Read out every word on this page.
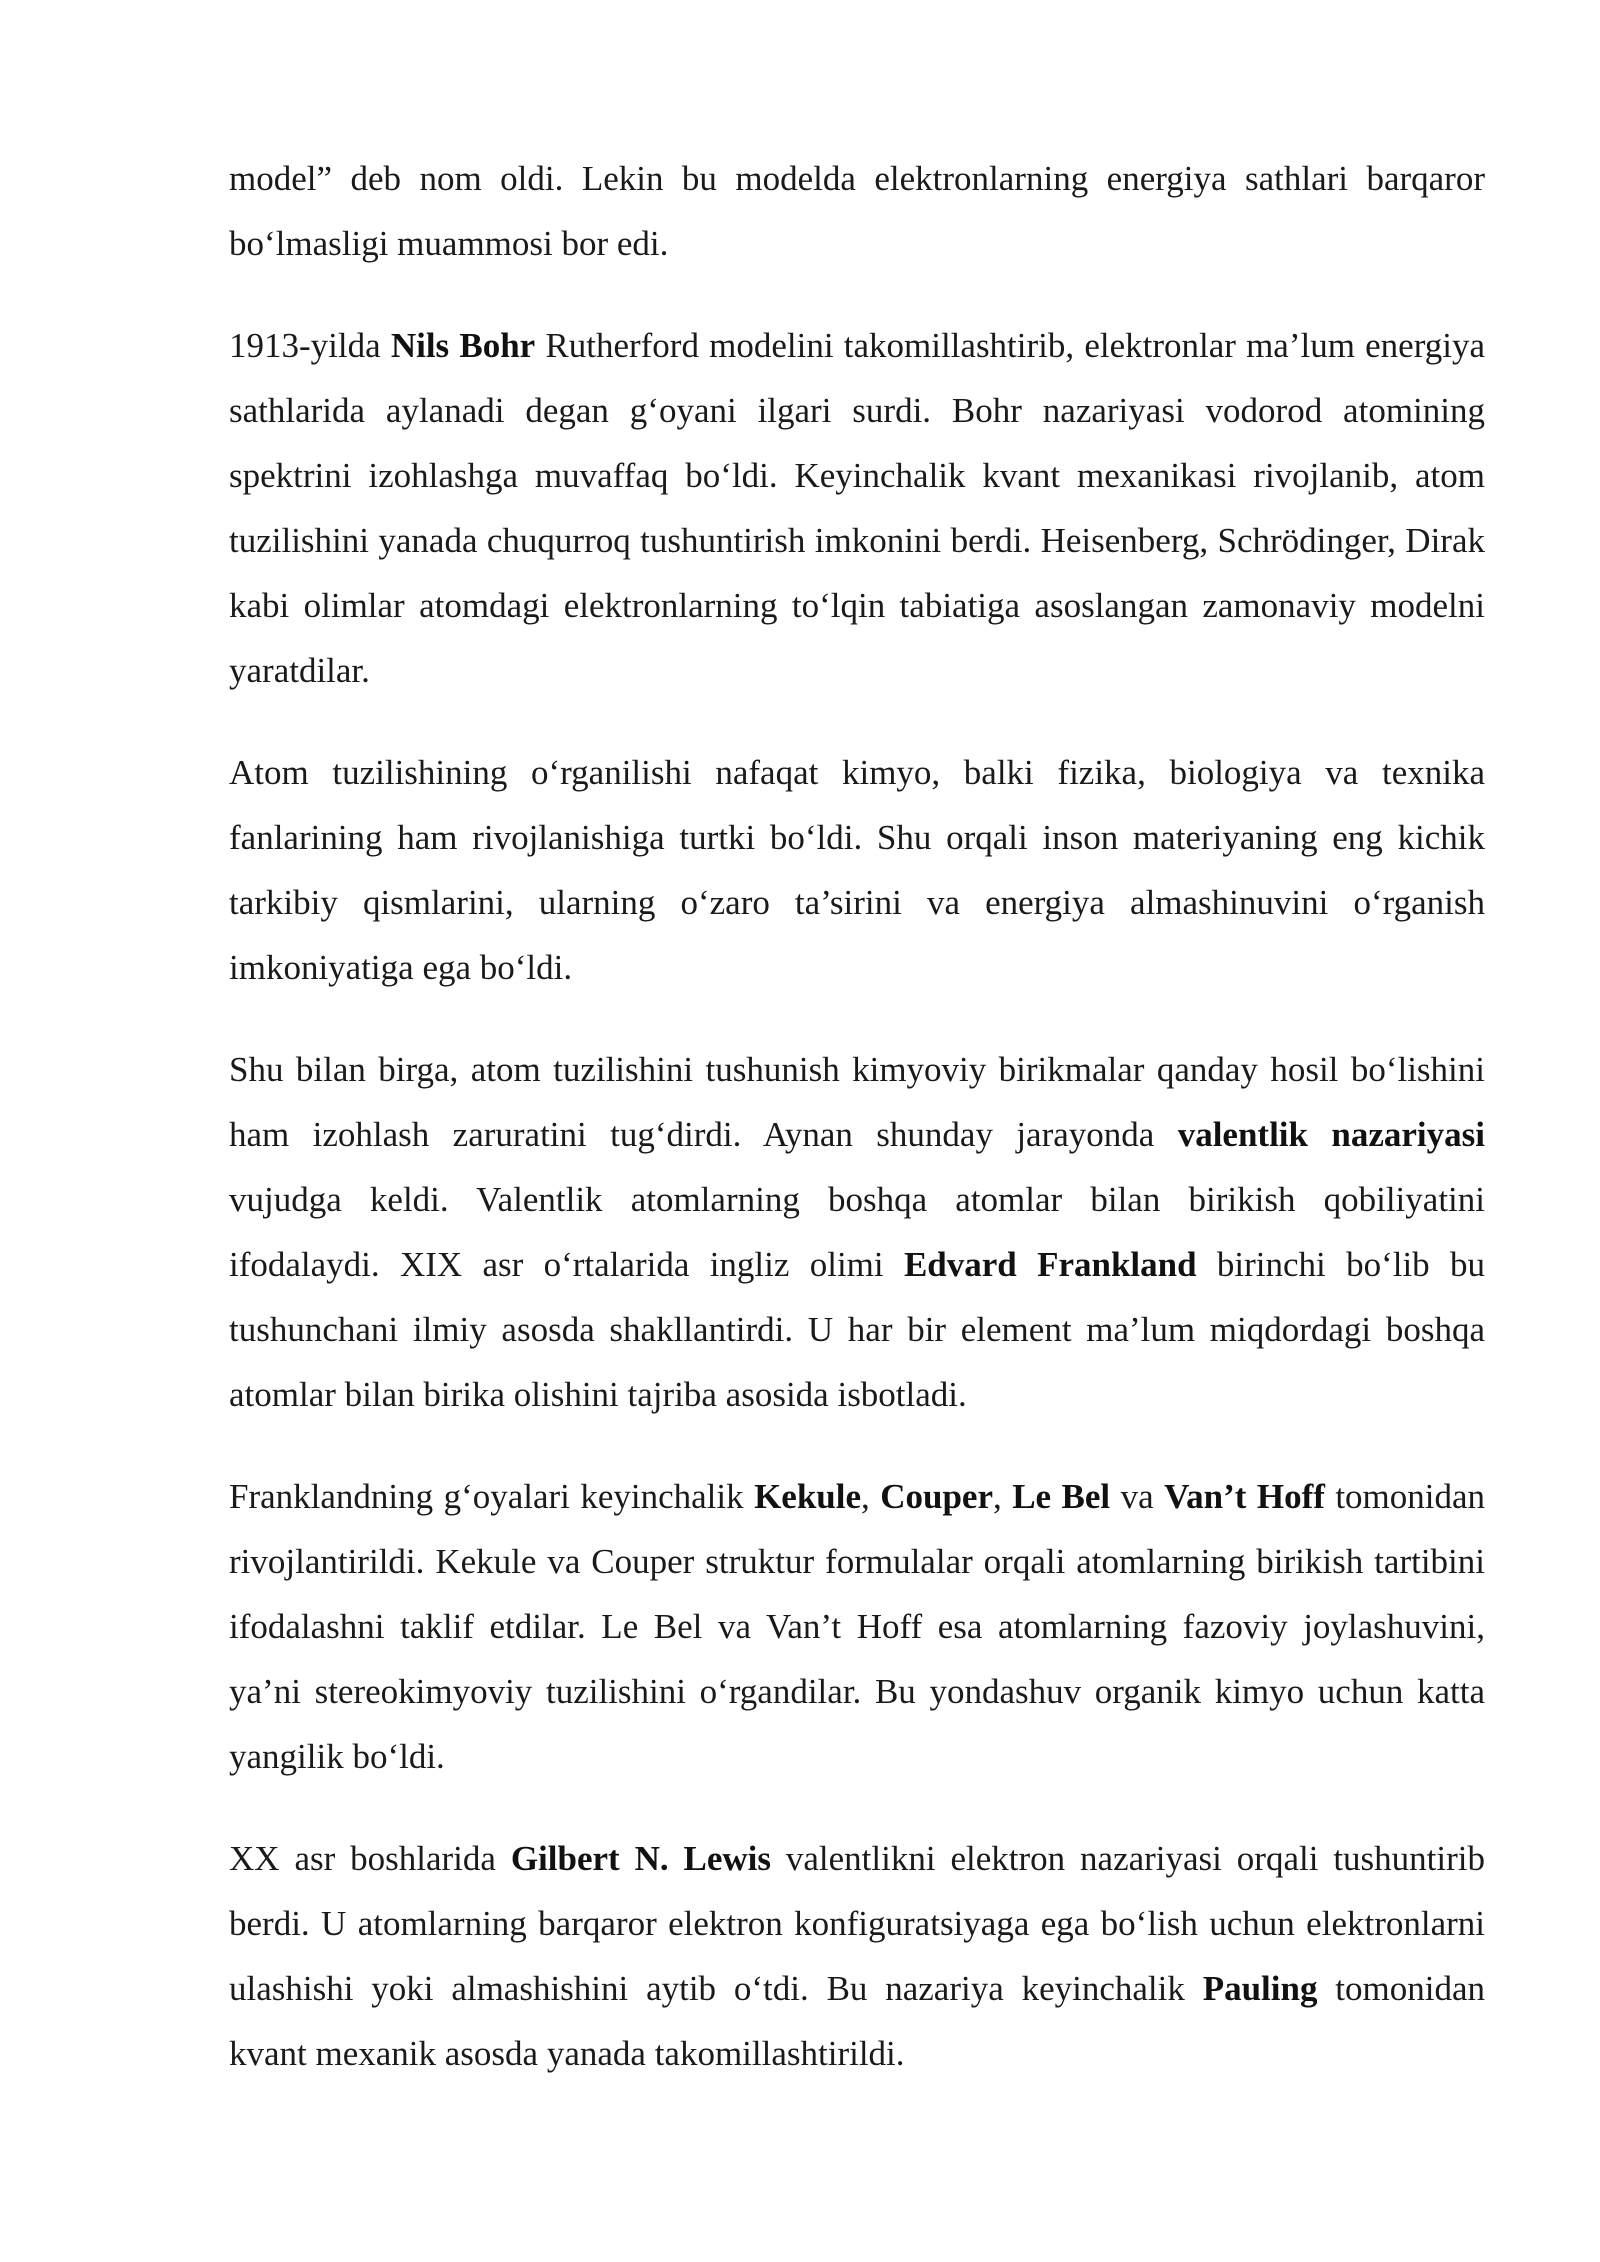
model” deb nom oldi. Lekin bu modelda elektronlarning energiya sathlari barqaror bo‘lmasligi muammosi bor edi.

1913-yilda Nils Bohr Rutherford modelini takomillashtirib, elektronlar ma’lum energiya sathlarida aylanadi degan g‘oyani ilgari surdi. Bohr nazariyasi vodorod atomining spektrini izohlashga muvaffaq bo‘ldi. Keyinchalik kvant mexanikasi rivojlanib, atom tuzilishini yanada chuqurroq tushuntirish imkonini berdi. Heisenberg, Schrödinger, Dirak kabi olimlar atomdagi elektronlarning to‘lqin tabiatiga asoslangan zamonaviy modelni yaratdilar.

Atom tuzilishining o‘rganilishi nafaqat kimyo, balki fizika, biologiya va texnika fanlarining ham rivojlanishiga turtki bo‘ldi. Shu orqali inson materiyaning eng kichik tarkibiy qismlarini, ularning o‘zaro ta’sirini va energiya almashinuvini o‘rganish imkoniyatiga ega bo‘ldi.

Shu bilan birga, atom tuzilishini tushunish kimyoviy birikmalar qanday hosil bo‘lishini ham izohlash zaruratini tug‘dirdi. Aynan shunday jarayonda valentlik nazariyasi vujudga keldi. Valentlik atomlarning boshqa atomlar bilan birikish qobiliyatini ifodalaydi. XIX asr o‘rtalarida ingliz olimi Edvard Frankland birinchi bo‘lib bu tushunchani ilmiy asosda shakllantirdi. U har bir element ma’lum miqdordagi boshqa atomlar bilan birika olishini tajriba asosida isbotladi.

Franklandning g‘oyalari keyinchalik Kekule, Couper, Le Bel va Van’t Hoff tomonidan rivojlantirildi. Kekule va Couper struktur formulalar orqali atomlarning birikish tartibini ifodalashni taklif etdilar. Le Bel va Van’t Hoff esa atomlarning fazoviy joylashuvini, ya’ni stereokimyoviy tuzilishini o‘rgandilar. Bu yondashuv organik kimyo uchun katta yangilik bo‘ldi.

XX asr boshlarida Gilbert N. Lewis valentlikni elektron nazariyasi orqali tushuntirib berdi. U atomlarning barqaror elektron konfiguratsiyaga ega bo‘lish uchun elektronlarni ulashishi yoki almashishini aytib o‘tdi. Bu nazariya keyinchalik Pauling tomonidan kvant mexanik asosda yanada takomillashtirildi.
